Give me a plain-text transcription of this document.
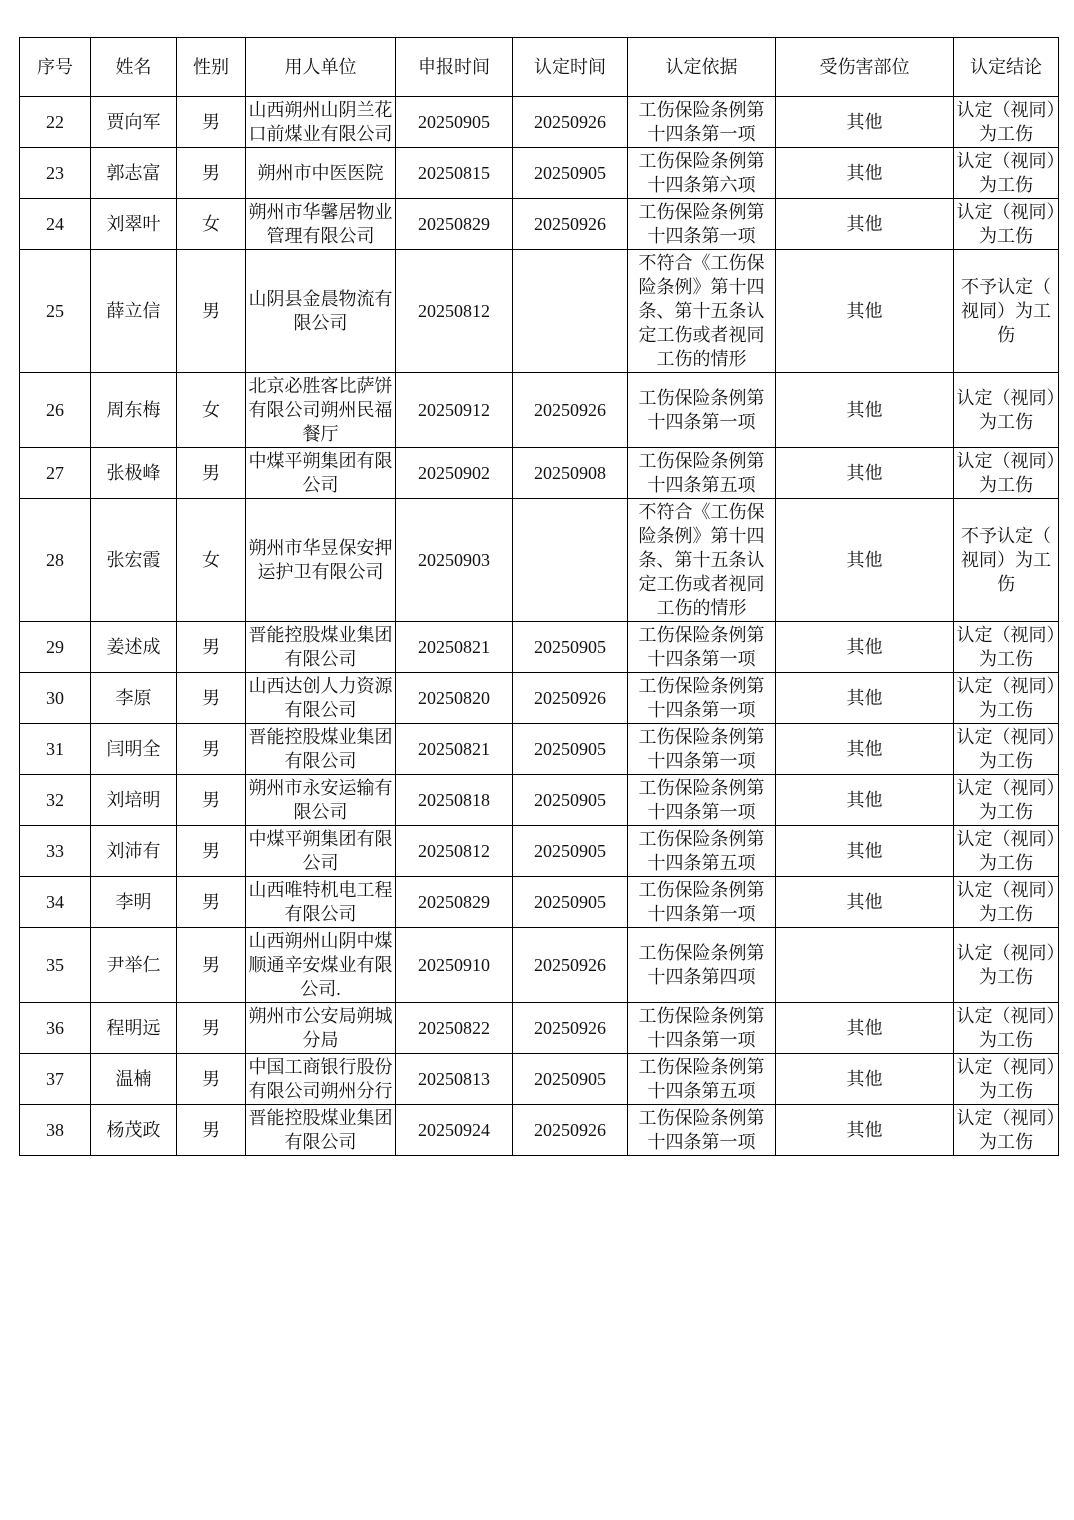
序号	姓名	性别	用人单位	申报时间	认定时间	认定依据	受伤害部位	认定结论
22	贾向军	男	山西朔州山阴兰花口前煤业有限公司	20250905	20250926	工伤保险条例第十四条第一项	其他	认定（视同）为工伤
23	郭志富	男	朔州市中医医院	20250815	20250905	工伤保险条例第十四条第六项	其他	认定（视同）为工伤
24	刘翠叶	女	朔州市华馨居物业管理有限公司	20250829	20250926	工伤保险条例第十四条第一项	其他	认定（视同）为工伤
25	薛立信	男	山阴县金晨物流有限公司	20250812		不符合《工伤保险条例》第十四条、第十五条认定工伤或者视同工伤的情形	其他	不予认定（视同）为工伤
26	周东梅	女	北京必胜客比萨饼有限公司朔州民福餐厅	20250912	20250926	工伤保险条例第十四条第一项	其他	认定（视同）为工伤
27	张极峰	男	中煤平朔集团有限公司	20250902	20250908	工伤保险条例第十四条第五项	其他	认定（视同）为工伤
28	张宏霞	女	朔州市华昱保安押运护卫有限公司	20250903		不符合《工伤保险条例》第十四条、第十五条认定工伤或者视同工伤的情形	其他	不予认定（视同）为工伤
29	姜述成	男	晋能控股煤业集团有限公司	20250821	20250905	工伤保险条例第十四条第一项	其他	认定（视同）为工伤
30	李原	男	山西达创人力资源有限公司	20250820	20250926	工伤保险条例第十四条第一项	其他	认定（视同）为工伤
31	闫明全	男	晋能控股煤业集团有限公司	20250821	20250905	工伤保险条例第十四条第一项	其他	认定（视同）为工伤
32	刘培明	男	朔州市永安运输有限公司	20250818	20250905	工伤保险条例第十四条第一项	其他	认定（视同）为工伤
33	刘沛有	男	中煤平朔集团有限公司	20250812	20250905	工伤保险条例第十四条第五项	其他	认定（视同）为工伤
34	李明	男	山西唯特机电工程有限公司	20250829	20250905	工伤保险条例第十四条第一项	其他	认定（视同）为工伤
35	尹举仁	男	山西朔州山阴中煤顺通辛安煤业有限公司.	20250910	20250926	工伤保险条例第十四条第四项		认定（视同）为工伤
36	程明远	男	朔州市公安局朔城分局	20250822	20250926	工伤保险条例第十四条第一项	其他	认定（视同）为工伤
37	温楠	男	中国工商银行股份有限公司朔州分行	20250813	20250905	工伤保险条例第十四条第五项	其他	认定（视同）为工伤
38	杨茂政	男	晋能控股煤业集团有限公司	20250924	20250926	工伤保险条例第十四条第一项	其他	认定（视同）为工伤
